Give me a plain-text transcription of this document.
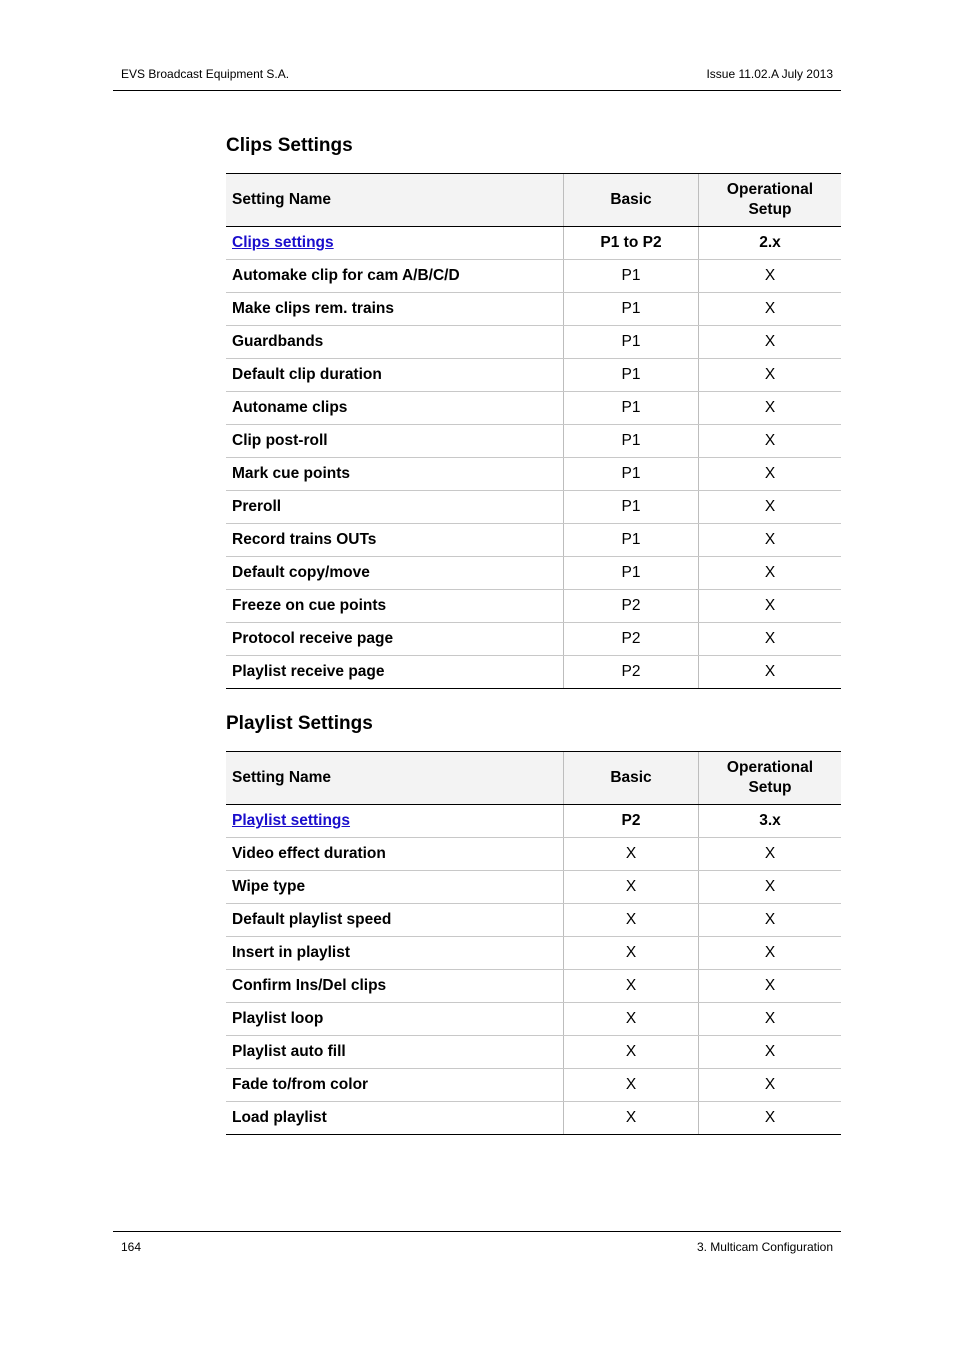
EVS Broadcast Equipment S.A.	Issue 11.02.A July 2013
Clips Settings
Setting Name	Basic	Operational Setup
Clips settings	P1 to P2	2.x
Automake clip for cam A/B/C/D	P1	X
Make clips rem. trains	P1	X
Guardbands	P1	X
Default clip duration	P1	X
Autoname clips	P1	X
Clip post-roll	P1	X
Mark cue points	P1	X
Preroll	P1	X
Record trains OUTs	P1	X
Default copy/move	P1	X
Freeze on cue points	P2	X
Protocol receive page	P2	X
Playlist receive page	P2	X
Playlist Settings
Setting Name	Basic	Operational Setup
Playlist settings	P2	3.x
Video effect duration	X	X
Wipe type	X	X
Default playlist speed	X	X
Insert in playlist	X	X
Confirm Ins/Del clips	X	X
Playlist loop	X	X
Playlist auto fill	X	X
Fade to/from color	X	X
Load playlist	X	X
164	3. Multicam Configuration
